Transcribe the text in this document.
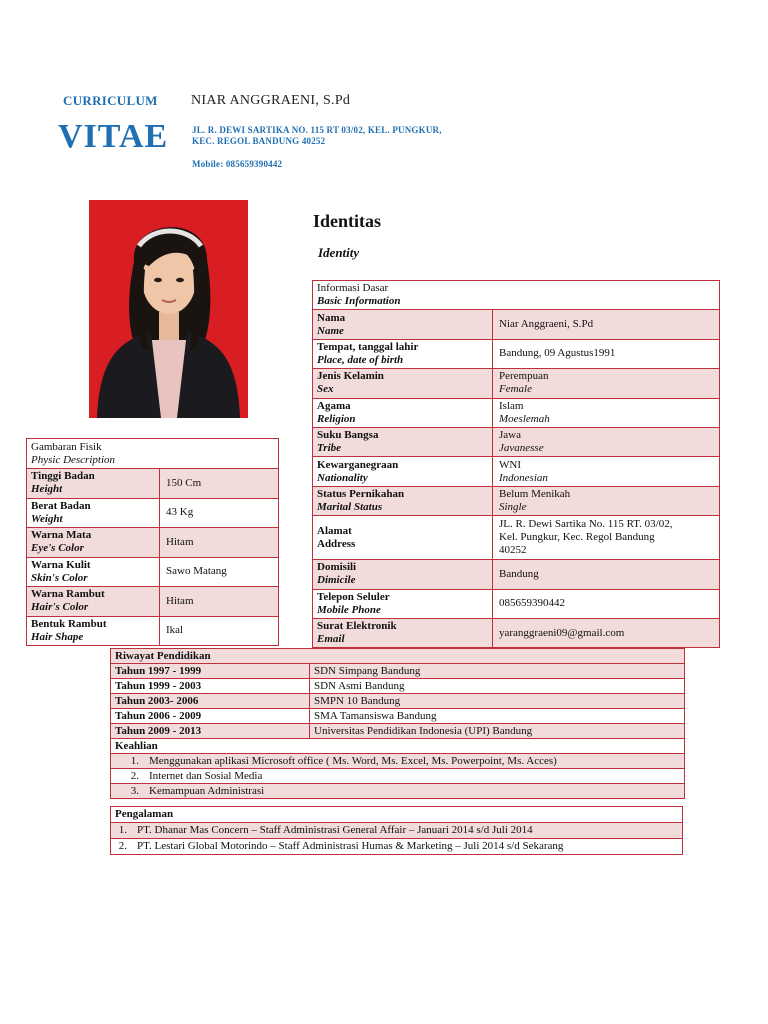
CURRICULUM
VITAE
NIAR ANGGRAENI, S.Pd
JL. R. DEWI SARTIKA NO. 115 RT 03/02, KEL. PUNGKUR,
KEC. REGOL BANDUNG 40252
Mobile: 085659390442
Identitas
Identity
Gambaran Fisik
Physic Description	

Tinggi Badan
Height	150 Cm

Berat Badan
Weight	43 Kg

Warna Mata
Eye's Color	Hitam

Warna Kulit
Skin's Color	Sawo Matang

Warna Rambut
Hair's Color	Hitam

Bentuk Rambut
Hair Shape	Ikal
Informasi Dasar
Basic Information	

Nama
Name	Niar Anggraeni, S.Pd

Tempat, tanggal lahir
Place, date of birth	Bandung, 09 Agustus1991

Jenis Kelamin
Sex	Perempuan
Female

Agama
Religion	Islam
Moeslemah

Suku Bangsa
Tribe	Jawa
Javanesse

Kewarganegraan
Nationality	WNI
Indonesian

Status Pernikahan
Marital Status	Belum Menikah
Single

Alamat
Address	JL. R. Dewi Sartika No. 115 RT. 03/02,
Kel. Pungkur, Kec. Regol Bandung
40252

Domisili
Dimicile	Bandung

Telepon Seluler
Mobile Phone	085659390442

Surat Elektronik
Email	yaranggraeni09@gmail.com
Riwayat Pendidikan	
Tahun 1997 - 1999	SDN Simpang Bandung
Tahun 1999 - 2003	SDN Asmi Bandung
Tahun 2003- 2006	SMPN 10 Bandung
Tahun 2006 - 2009	SMA Tamansiswa Bandung
Tahun 2009 - 2013	Universitas Pendidikan Indonesia (UPI) Bandung
Keahlian	
1. Menggunakan aplikasi Microsoft office ( Ms. Word, Ms. Excel, Ms. Powerpoint, Ms. Acces)	
2. Internet dan Sosial Media	
3. Kemampuan Administrasi	
Pengalaman
1. PT. Dhanar Mas Concern – Staff Administrasi General Affair – Januari 2014 s/d Juli 2014
2. PT. Lestari Global Motorindo – Staff Administrasi Humas & Marketing – Juli 2014 s/d Sekarang
